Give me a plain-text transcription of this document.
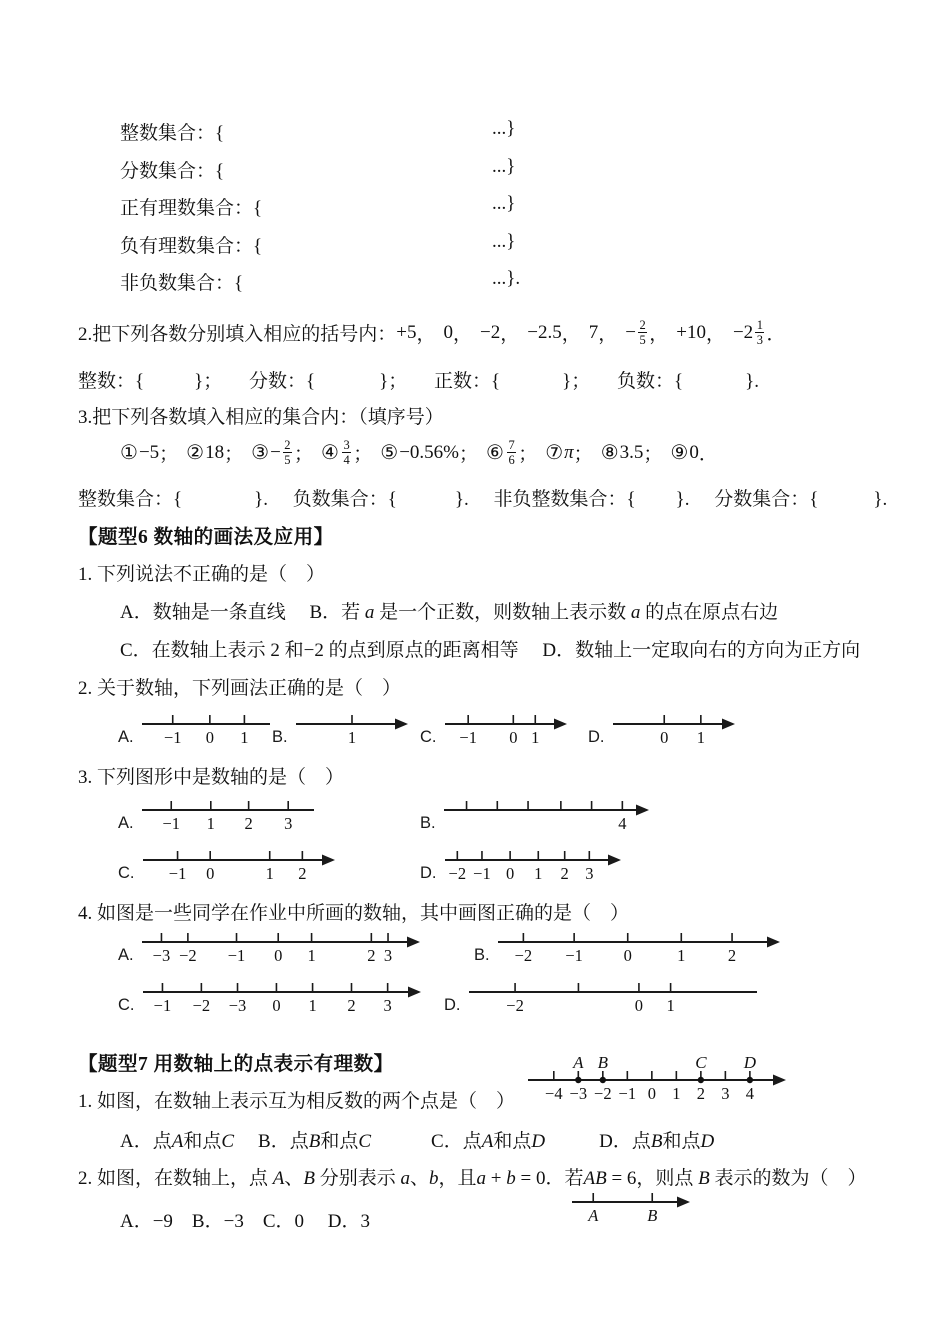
整数集合：{	...}
分数集合：{	...}
正有理数集合：{	...}
负有理数集合：{	...}
非负数集合：{	...}.
2.把下列各数分别填入相应的括号内： +5 ， 0 ， −2 ， −2.5 ， 7 ， − $\frac{2}{5}$ ， +10 ， $-2 \frac{1}{3}$ ．
整数：{	}； 分数：{	}； 正数：{	}； 负数：{	}.
3.把下列各数填入相应的集合内：（填序号）
① −5 ； ② 18 ； ③ − $\frac{2}{5}$ ； ④ $\frac{3}{4}$ ； ⑤ −0.56% ； ⑥ $\frac{7}{6}$ ； ⑦ π ； ⑧ 3.5 ； ⑨ 0 ．
整数集合：{	}. 负数集合：{	}. 非负整数集合：{ }. 分数集合：{	}.
【题型6 数轴的画法及应用】
1. 下列说法不正确的是（　）
A．数轴是一条直线　 B．若 a 是一个正数，则数轴上表示数 a 的点在原点右边
C．在数轴上表示 2 和−2 的点到原点的距离相等　 D．数轴上一定取向右的方向为正方向
2. 关于数轴，下列画法正确的是（　）
A. −1 0 1 B.	1	C. −1 0 1	D.	0 1
3. 下列图形中是数轴的是（　）
A. −1 1 2 3	B.	4
C. −1 0	1 2	D. −2 −1 0 1 2 3
4. 如图是一些同学在作业中所画的数轴，其中画图正确的是（　）
A. −3 −2 −1 0 1	2 3	B. −2 −1 0	1	2
C. −1 −2 −3 0 1 2 3	D.	−2	0 1
【题型7 用数轴上的点表示有理数】
1. 如图，在数轴上表示互为相反数的两个点是（　） −4 −3
A
−2
B
−1 0 1 2
C
3 4
D
A．点A和点C B．点B和点C	C．点A和点D	D．点B和点D
2. 如图，在数轴上，点 A、B 分别表示 a、b，且a + b = 0．若AB = 6，则点 B 表示的数为（　）
A．−9　B．−3　C．0　 D．3	A	B
